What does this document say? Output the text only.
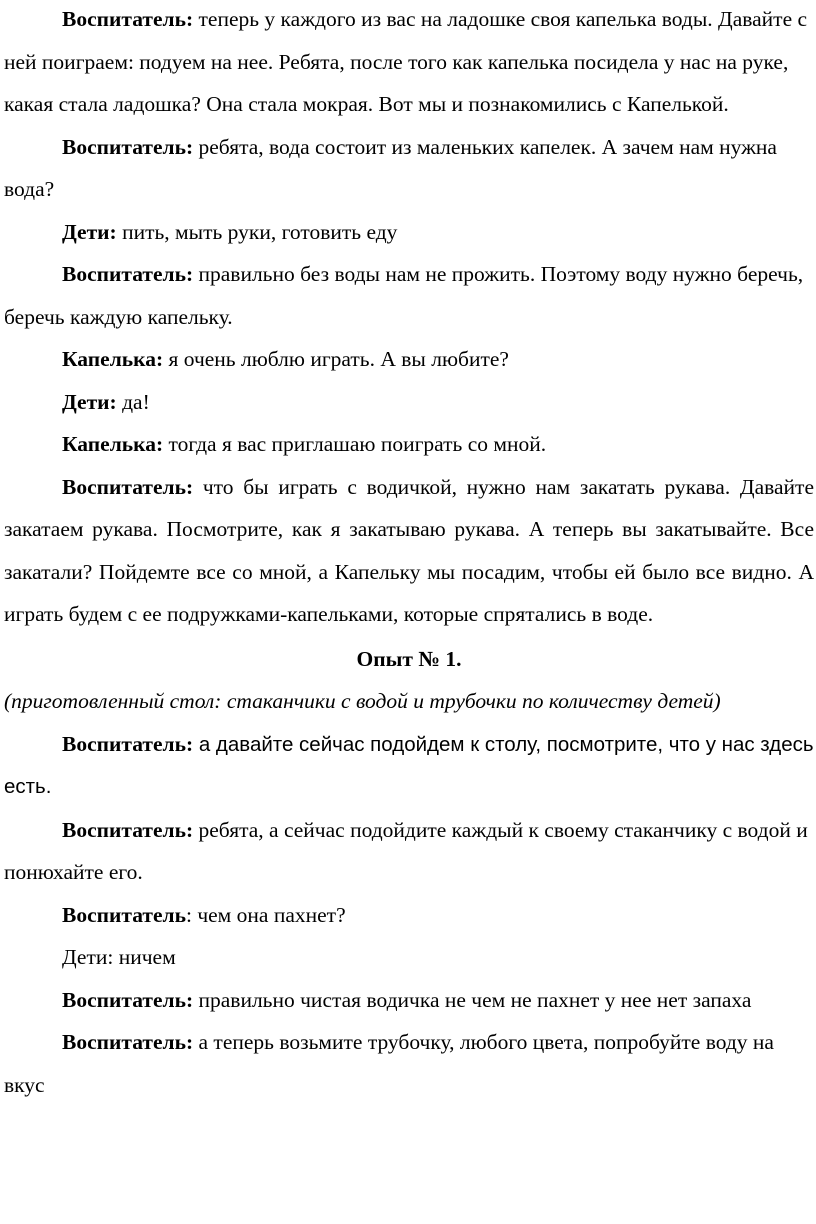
Воспитатель: теперь у каждого из вас на ладошке своя капелька воды. Давайте с ней поиграем: подуем на нее. Ребята, после того как капелька посидела у нас на руке, какая стала ладошка? Она стала мокрая. Вот мы и познакомились с Капелькой.

Воспитатель: ребята, вода состоит из маленьких капелек. А зачем нам нужна вода?

Дети: пить, мыть руки, готовить еду

Воспитатель: правильно без воды нам не прожить. Поэтому воду нужно беречь, беречь каждую капельку.

Капелька: я очень люблю играть. А вы любите?

Дети: да!

Капелька: тогда я вас приглашаю поиграть со мной.

Воспитатель: что бы играть с водичкой, нужно нам закатать рукава. Давайте закатаем рукава. Посмотрите, как я закатываю рукава. А теперь вы закатывайте. Все закатали? Пойдемте все со мной, а Капельку мы посадим, чтобы ей было все видно. А играть будем с ее подружками-капельками, которые спрятались в воде.

Опыт № 1.

(приготовленный стол: стаканчики с водой и трубочки по количеству детей)

Воспитатель: а давайте сейчас подойдем к столу, посмотрите, что у нас здесь есть.

Воспитатель: ребята, а сейчас подойдите каждый к своему стаканчику с водой и понюхайте его.

Воспитатель: чем она пахнет?

Дети: ничем

Воспитатель: правильно чистая водичка не чем не пахнет у нее нет запаха

Воспитатель: а теперь возьмите трубочку, любого цвета, попробуйте воду на вкус
